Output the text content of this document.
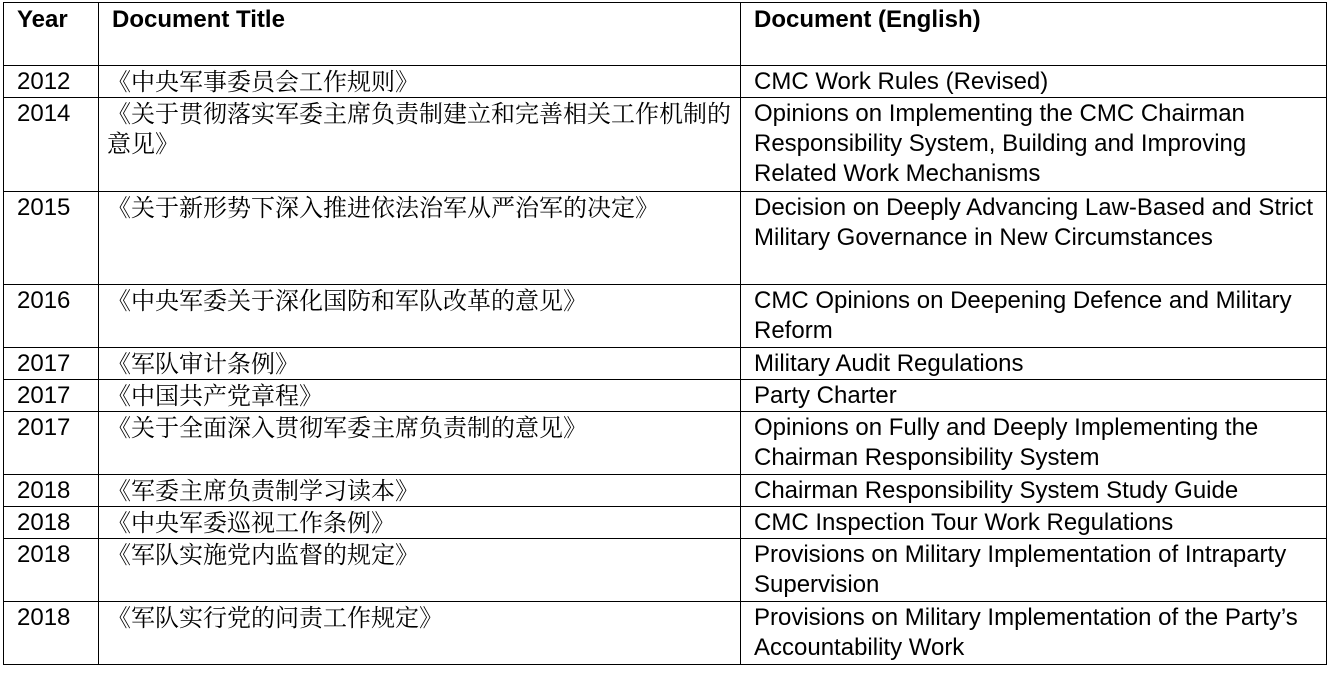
Year	Document Title	Document (English)
2012	《中央军事委员会工作规则》	CMC Work Rules (Revised)
2014	《关于贯彻落实军委主席负责制建立和完善相关工作机制的意见》	Opinions on Implementing the CMC Chairman Responsibility System, Building and Improving Related Work Mechanisms
2015	《关于新形势下深入推进依法治军从严治军的决定》	Decision on Deeply Advancing Law-Based and Strict Military Governance in New Circumstances
2016	《中央军委关于深化国防和军队改革的意见》	CMC Opinions on Deepening Defence and Military Reform
2017	《军队审计条例》	Military Audit Regulations
2017	《中国共产党章程》	Party Charter
2017	《关于全面深入贯彻军委主席负责制的意见》	Opinions on Fully and Deeply Implementing the Chairman Responsibility System
2018	《军委主席负责制学习读本》	Chairman Responsibility System Study Guide
2018	《中央军委巡视工作条例》	CMC Inspection Tour Work Regulations
2018	《军队实施党内监督的规定》	Provisions on Military Implementation of Intraparty Supervision
2018	《军队实行党的问责工作规定》	Provisions on Military Implementation of the Party’s Accountability Work
